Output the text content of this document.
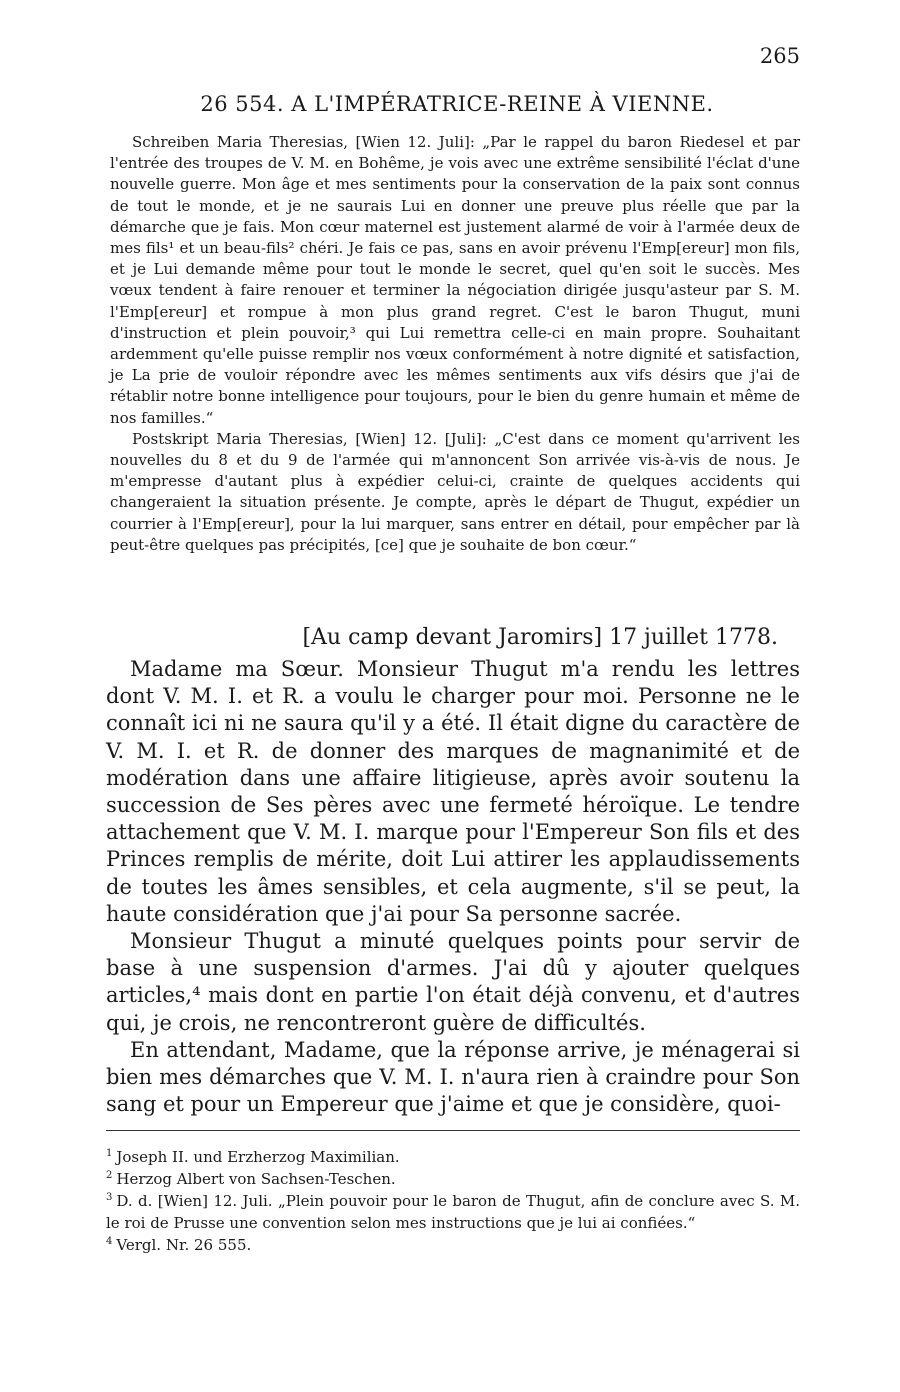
265
26 554. A L'IMPÉRATRICE-REINE À VIENNE.

Schreiben Maria Theresias, [Wien 12. Juli]: „Par le rappel du baron Riedesel et par l'entrée des troupes de V. M. en Bohême, je vois avec une extrême sensibilité l'éclat d'une nouvelle guerre. Mon âge et mes sentiments pour la conservation de la paix sont connus de tout le monde, et je ne saurais Lui en donner une preuve plus réelle que par la démarche que je fais. Mon cœur maternel est justement alarmé de voir à l'armée deux de mes fils¹ et un beau-fils² chéri. Je fais ce pas, sans en avoir prévenu l'Emp[ereur] mon fils, et je Lui demande même pour tout le monde le secret, quel qu'en soit le succès. Mes vœux tendent à faire renouer et terminer la négociation dirigée jusqu'asteur par S. M. l'Emp[ereur] et rompue à mon plus grand regret. C'est le baron Thugut, muni d'instruction et plein pouvoir,³ qui Lui remettra celle-ci en main propre. Souhaitant ardemment qu'elle puisse remplir nos vœux conformément à notre dignité et satisfaction, je La prie de vouloir répondre avec les mêmes sentiments aux vifs désirs que j'ai de rétablir notre bonne intelligence pour toujours, pour le bien du genre humain et même de nos familles.“

Postskript Maria Theresias, [Wien] 12. [Juli]: „C'est dans ce moment qu'arrivent les nouvelles du 8 et du 9 de l'armée qui m'annoncent Son arrivée vis-à-vis de nous. Je m'empresse d'autant plus à expédier celui-ci, crainte de quelques accidents qui changeraient la situation présente. Je compte, après le départ de Thugut, expédier un courrier à l'Emp[ereur], pour la lui marquer, sans entrer en détail, pour empêcher par là peut-être quelques pas précipités, [ce] que je souhaite de bon cœur.“

[Au camp devant Jaromirs] 17 juillet 1778.

Madame ma Sœur. Monsieur Thugut m'a rendu les lettres dont V. M. I. et R. a voulu le charger pour moi. Personne ne le connaît ici ni ne saura qu'il y a été. Il était digne du caractère de V. M. I. et R. de donner des marques de magnanimité et de modération dans une affaire litigieuse, après avoir soutenu la succession de Ses pères avec une fermeté héroïque. Le tendre attachement que V. M. I. marque pour l'Empereur Son fils et des Princes remplis de mérite, doit Lui attirer les applaudissements de toutes les âmes sensibles, et cela augmente, s'il se peut, la haute considération que j'ai pour Sa personne sacrée.

Monsieur Thugut a minuté quelques points pour servir de base à une suspension d'armes. J'ai dû y ajouter quelques articles,⁴ mais dont en partie l'on était déjà convenu, et d'autres qui, je crois, ne rencontreront guère de difficultés.

En attendant, Madame, que la réponse arrive, je ménagerai si bien mes démarches que V. M. I. n'aura rien à craindre pour Son sang et pour un Empereur que j'aime et que je considère, quoi-

$^1$ Joseph II. und Erzherzog Maximilian.

$^2$ Herzog Albert von Sachsen-Teschen.

$^3$ D. d. [Wien] 12. Juli. „Plein pouvoir pour le baron de Thugut, afin de conclure avec S. M. le roi de Prusse une convention selon mes instructions que je lui ai confiées.“

$^4$ Vergl. Nr. 26 555.
